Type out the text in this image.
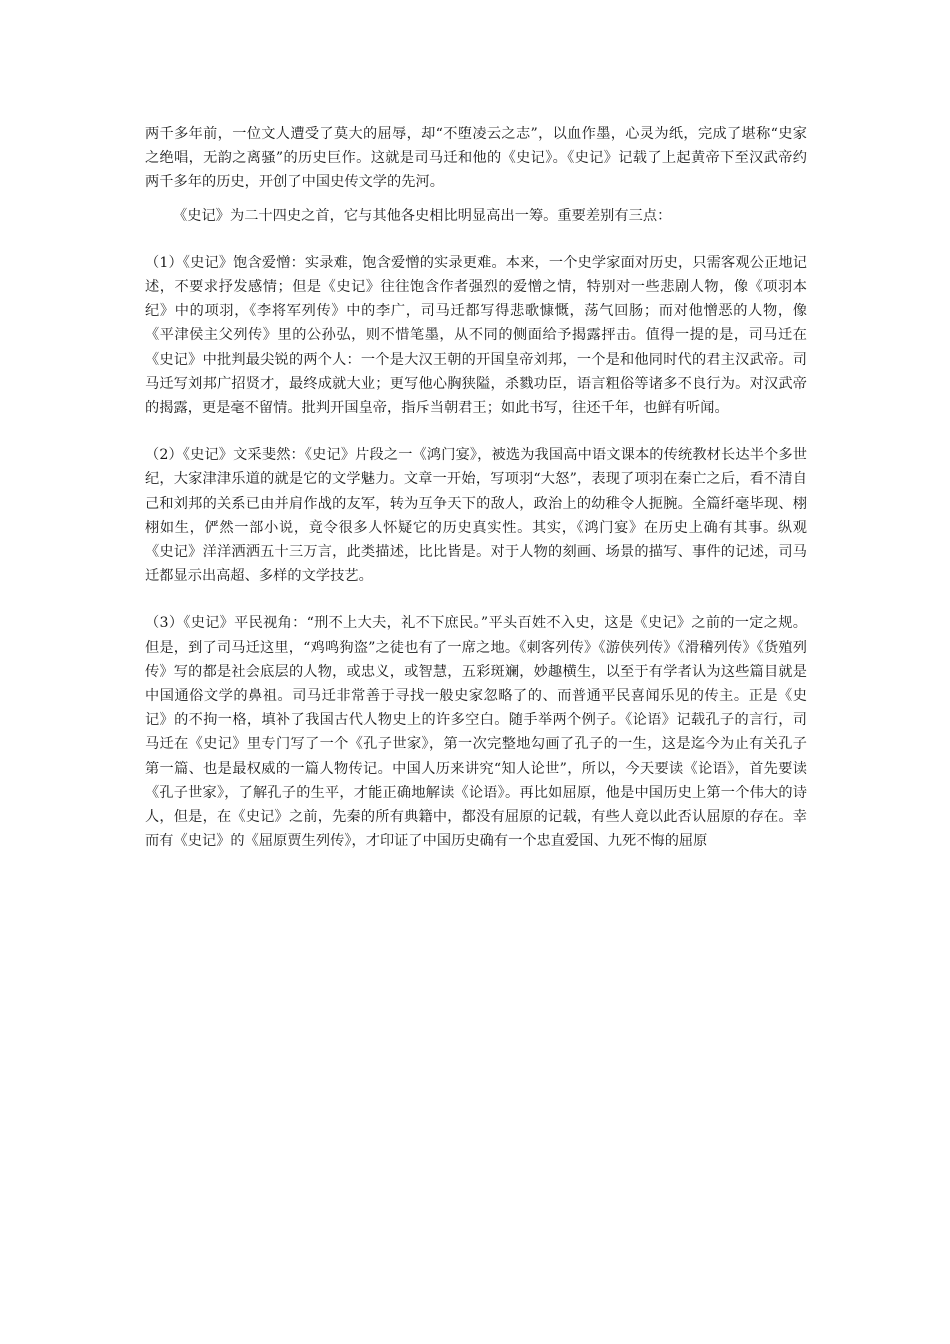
两千多年前，一位文人遭受了莫大的屈辱，却“不堕凌云之志”，以血作墨，心灵为纸，完成了堪称“史家之绝唱，无韵之离骚”的历史巨作。这就是司马迁和他的《史记》。《史记》记载了上起黄帝下至汉武帝约两千多年的历史，开创了中国史传文学的先河。

《史记》为二十四史之首，它与其他各史相比明显高出一筹。重要差别有三点：

（1）《史记》饱含爱憎：实录难，饱含爱憎的实录更难。本来，一个史学家面对历史，只需客观公正地记述，不要求抒发感情；但是《史记》往往饱含作者强烈的爱憎之情，特别对一些悲剧人物，像《项羽本纪》中的项羽，《李将军列传》中的李广，司马迁都写得悲歌慷慨，荡气回肠；而对他憎恶的人物，像《平津侯主父列传》里的公孙弘，则不惜笔墨，从不同的侧面给予揭露抨击。值得一提的是，司马迁在《史记》中批判最尖锐的两个人：一个是大汉王朝的开国皇帝刘邦，一个是和他同时代的君主汉武帝。司马迁写刘邦广招贤才，最终成就大业；更写他心胸狭隘，杀戮功臣，语言粗俗等诸多不良行为。对汉武帝的揭露，更是毫不留情。批判开国皇帝，指斥当朝君王；如此书写，往还千年，也鲜有听闻。

（2）《史记》文采斐然：《史记》片段之一《鸿门宴》，被选为我国高中语文课本的传统教材长达半个多世纪，大家津津乐道的就是它的文学魅力。文章一开始，写项羽“大怒”，表现了项羽在秦亡之后，看不清自己和刘邦的关系已由并肩作战的友军，转为互争天下的敌人，政治上的幼稚令人扼腕。全篇纤毫毕现、栩栩如生，俨然一部小说，竟令很多人怀疑它的历史真实性。其实，《鸿门宴》在历史上确有其事。纵观《史记》洋洋洒洒五十三万言，此类描述，比比皆是。对于人物的刻画、场景的描写、事件的记述，司马迁都显示出高超、多样的文学技艺。

（3）《史记》平民视角：“刑不上大夫，礼不下庶民。”平头百姓不入史，这是《史记》之前的一定之规。但是，到了司马迁这里，“鸡鸣狗盗”之徒也有了一席之地。《刺客列传》《游侠列传》《滑稽列传》《货殖列传》写的都是社会底层的人物，或忠义，或智慧，五彩斑斓，妙趣横生，以至于有学者认为这些篇目就是中国通俗文学的鼻祖。司马迁非常善于寻找一般史家忽略了的、而普通平民喜闻乐见的传主。正是《史记》的不拘一格，填补了我国古代人物史上的许多空白。随手举两个例子。《论语》记载孔子的言行，司马迁在《史记》里专门写了一个《孔子世家》，第一次完整地勾画了孔子的一生，这是迄今为止有关孔子第一篇、也是最权威的一篇人物传记。中国人历来讲究“知人论世”，所以，今天要读《论语》，首先要读《孔子世家》，了解孔子的生平，才能正确地解读《论语》。再比如屈原，他是中国历史上第一个伟大的诗人，但是，在《史记》之前，先秦的所有典籍中，都没有屈原的记载，有些人竟以此否认屈原的存在。幸而有《史记》的《屈原贾生列传》，才印证了中国历史确有一个忠直爱国、九死不悔的屈原
